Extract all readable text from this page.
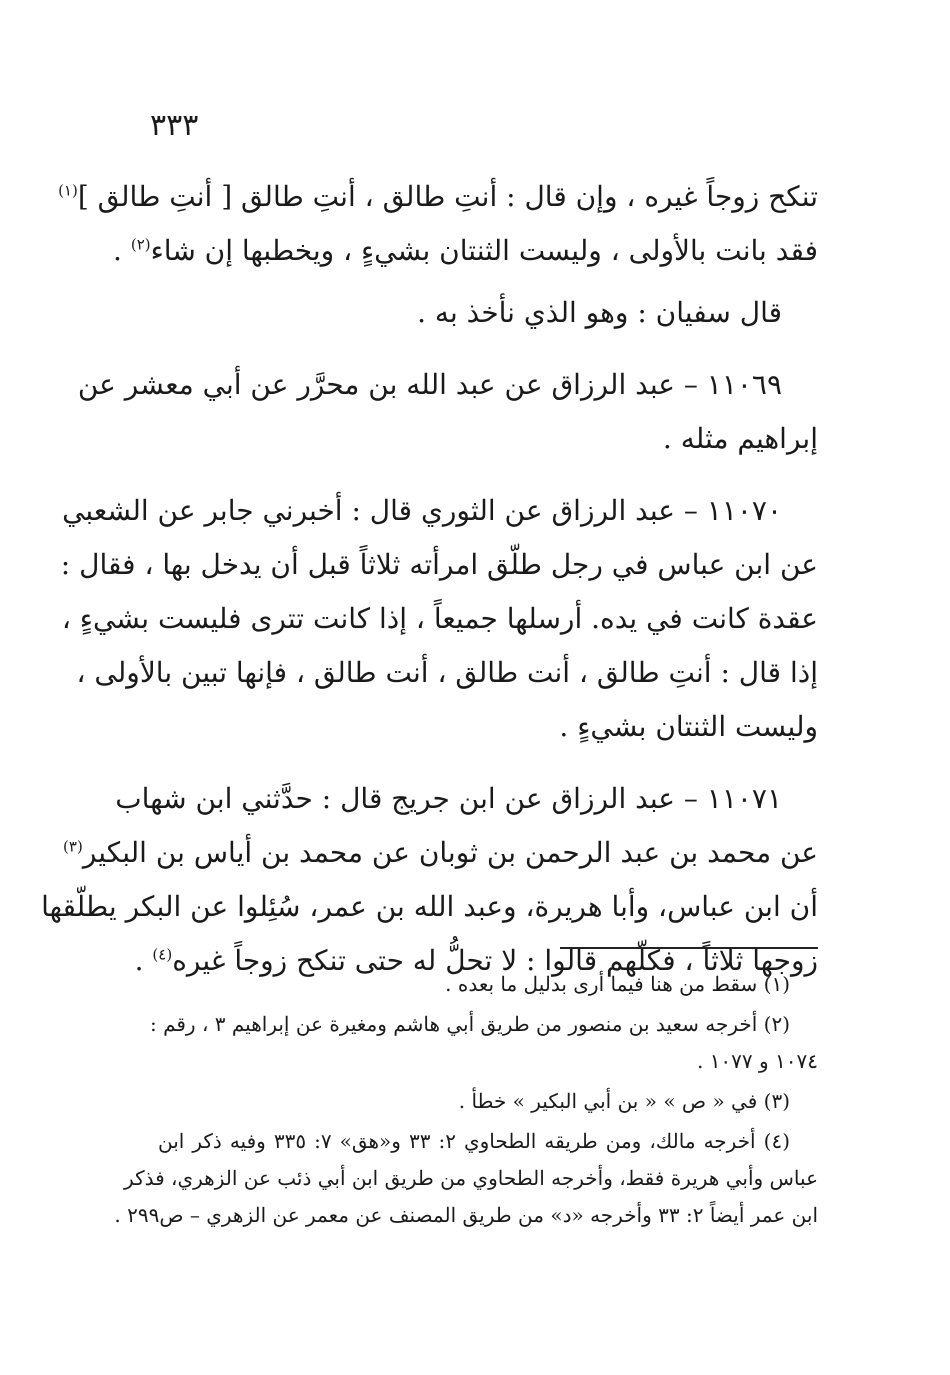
٣٣٣
تنكح زوجاً غيره ، وإن قال : أنتِ طالق ، أنتِ طالق [ أنتِ طالق ]$^{(١)}$
فقد بانت بالأولى ، وليست الثنتان بشيءٍ ، ويخطبها إن شاء$^{(٢)}$ .
قال سفيان : وهو الذي نأخذ به .
١١٠٦٩ – عبد الرزاق عن عبد الله بن محرَّر عن أبي معشر عن
إبراهيم مثله .
١١٠٧٠ – عبد الرزاق عن الثوري قال : أخبرني جابر عن الشعبي
عن ابن عباس في رجل طلّق امرأته ثلاثاً قبل أن يدخل بها ، فقال :
عقدة كانت في يده. أرسلها جميعاً ، إذا كانت تترى فليست بشيءٍ ،
إذا قال : أنتِ طالق ، أنت طالق ، أنت طالق ، فإنها تبين بالأولى ،
وليست الثنتان بشيءٍ .
١١٠٧١ – عبد الرزاق عن ابن جريج قال : حدَّثني ابن شهاب
عن محمد بن عبد الرحمن بن ثوبان عن محمد بن أياس بن البكير$^{(٣)}$
أن ابن عباس، وأبا هريرة، وعبد الله بن عمر، سُئِلوا عن البكر يطلّقها
زوجها ثلاثاً ، فكلّهم قالوا : لا تحلُّ له حتى تنكح زوجاً غيره$^{(٤)}$ .
(١) سقط من هنا فيما أرى بدليل ما بعده .
(٢) أخرجه سعيد بن منصور من طريق أبي هاشم ومغيرة عن إبراهيم ٣ ، رقم :
١٠٧٤ و ١٠٧٧ .
(٣) في « ص » « بن أبي البكير » خطأ .
(٤) أخرجه مالك، ومن طريقه الطحاوي ٢: ٣٣ و«هق» ٧: ٣٣٥ وفيه ذكر ابن
عباس وأبي هريرة فقط، وأخرجه الطحاوي من طريق ابن أبي ذئب عن الزهري، فذكر
ابن عمر أيضاً ٢: ٣٣ وأخرجه «د» من طريق المصنف عن معمر عن الزهري – ص٢٩٩ .
